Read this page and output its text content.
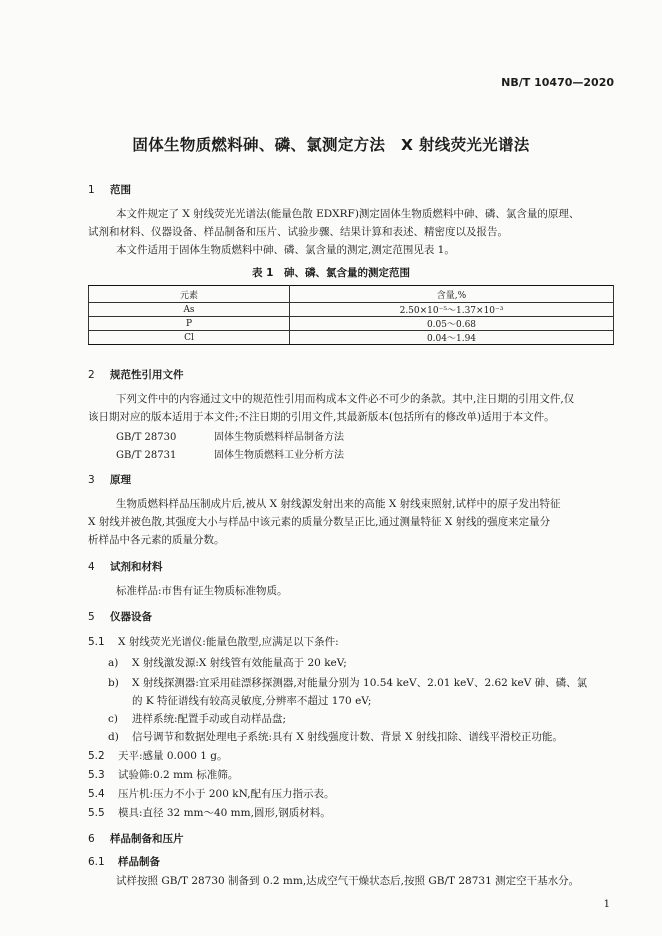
NB/T 10470—2020
固体生物质燃料砷、磷、氯测定方法　X 射线荧光光谱法
1 范围
本文件规定了 X 射线荧光光谱法(能量色散 EDXRF)测定固体生物质燃料中砷、磷、氯含量的原理、
试剂和材料、仪器设备、样品制备和压片、试验步骤、结果计算和表述、精密度以及报告。
本文件适用于固体生物质燃料中砷、磷、氯含量的测定,测定范围见表 1。
表 1　砷、磷、氯含量的测定范围
元素	含量,%
As	2.50×10⁻⁵～1.37×10⁻³
P	0.05～0.68
Cl	0.04～1.94
2 规范性引用文件
下列文件中的内容通过文中的规范性引用而构成本文件必不可少的条款。其中,注日期的引用文件,仅
该日期对应的版本适用于本文件;不注日期的引用文件,其最新版本(包括所有的修改单)适用于本文件。
GB/T 28730	固体生物质燃料样品制备方法
GB/T 28731	固体生物质燃料工业分析方法
3 原理
生物质燃料样品压制成片后,被从 X 射线源发射出来的高能 X 射线束照射,试样中的原子发出特征
X 射线并被色散,其强度大小与样品中该元素的质量分数呈正比,通过测量特征 X 射线的强度来定量分
析样品中各元素的质量分数。
4 试剂和材料
标准样品:市售有证生物质标准物质。
5 仪器设备
5.1 X 射线荧光光谱仪:能量色散型,应满足以下条件:
a) X 射线激发源:X 射线管有效能量高于 20 keV;
b) X 射线探测器:宜采用硅漂移探测器,对能量分别为 10.54 keV、2.01 keV、2.62 keV 砷、磷、氯
的 K 特征谱线有较高灵敏度,分辨率不超过 170 eV;
c) 进样系统:配置手动或自动样品盘;
d) 信号调节和数据处理电子系统:具有 X 射线强度计数、背景 X 射线扣除、谱线平滑校正功能。
5.2 天平:感量 0.000 1 g。
5.3 试验筛:0.2 mm 标准筛。
5.4 压片机:压力不小于 200 kN,配有压力指示表。
5.5 模具:直径 32 mm～40 mm,圆形,钢质材料。
6 样品制备和压片
6.1 样品制备
试样按照 GB/T 28730 制备到 0.2 mm,达成空气干燥状态后,按照 GB/T 28731 测定空干基水分。
1
